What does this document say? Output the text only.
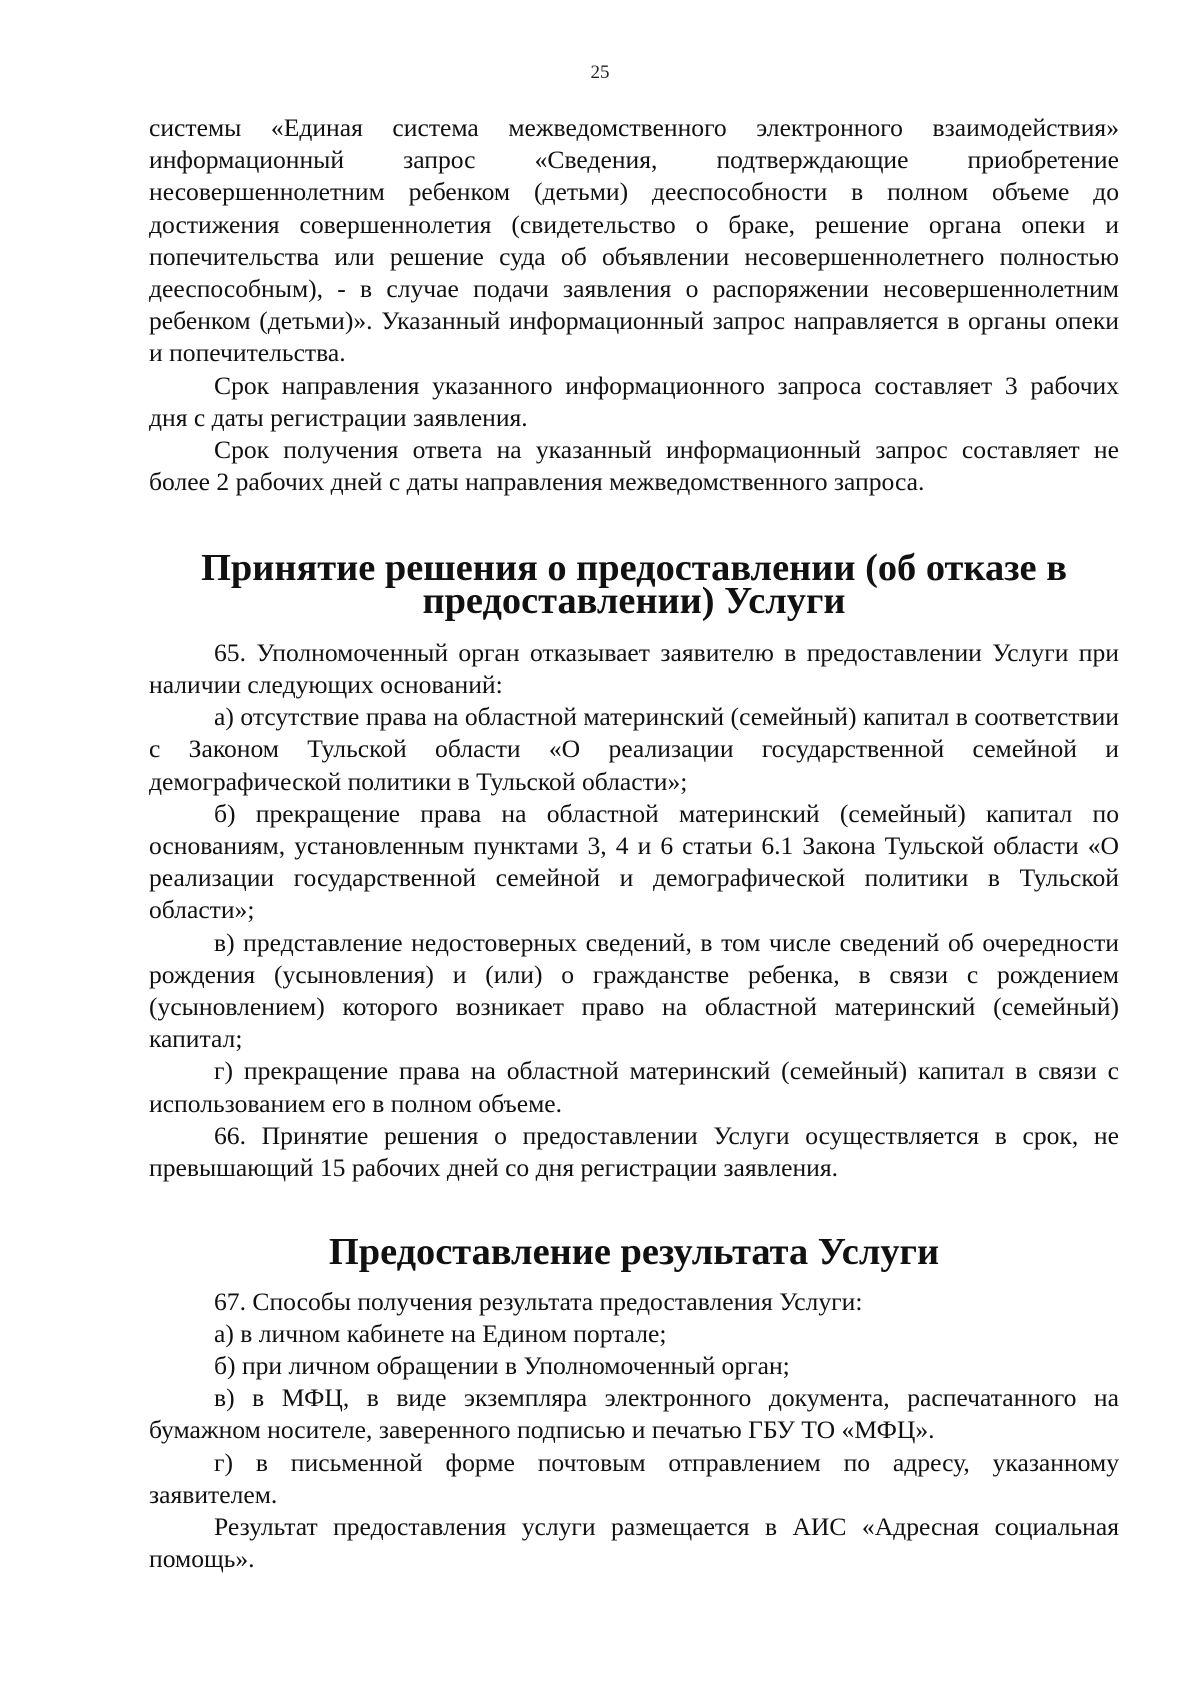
25

системы «Единая система межведомственного электронного взаимодействия» информационный запрос «Сведения, подтверждающие приобретение несовершеннолетним ребенком (детьми) дееспособности в полном объеме до достижения совершеннолетия (свидетельство о браке, решение органа опеки и попечительства или решение суда об объявлении несовершеннолетнего полностью дееспособным), - в случае подачи заявления о распоряжении несовершеннолетним ребенком (детьми)». Указанный информационный запрос направляется в органы опеки и попечительства.

Срок направления указанного информационного запроса составляет 3 рабочих дня с даты регистрации заявления.

Срок получения ответа на указанный информационный запрос составляет не более 2 рабочих дней с даты направления межведомственного запроса.

Принятие решения о предоставлении (об отказе в предоставлении) Услуги

65. Уполномоченный орган отказывает заявителю в предоставлении Услуги при наличии следующих оснований:

а) отсутствие права на областной материнский (семейный) капитал в соответствии с Законом Тульской области «О реализации государственной семейной и демографической политики в Тульской области»;

б) прекращение права на областной материнский (семейный) капитал по основаниям, установленным пунктами 3, 4 и 6 статьи 6.1 Закона Тульской области «О реализации государственной семейной и демографической политики в Тульской области»;

в) представление недостоверных сведений, в том числе сведений об очередности рождения (усыновления) и (или) о гражданстве ребенка, в связи с рождением (усыновлением) которого возникает право на областной материнский (семейный) капитал;

г) прекращение права на областной материнский (семейный) капитал в связи с использованием его в полном объеме.

66. Принятие решения о предоставлении Услуги осуществляется в срок, не превышающий 15 рабочих дней со дня регистрации заявления.

Предоставление результата Услуги

67. Способы получения результата предоставления Услуги:

а) в личном кабинете на Едином портале;

б) при личном обращении в Уполномоченный орган;

в) в МФЦ, в виде экземпляра электронного документа, распечатанного на бумажном носителе, заверенного подписью и печатью ГБУ ТО «МФЦ».

г) в письменной форме почтовым отправлением по адресу, указанному заявителем.

Результат предоставления услуги размещается в АИС «Адресная социальная помощь».
